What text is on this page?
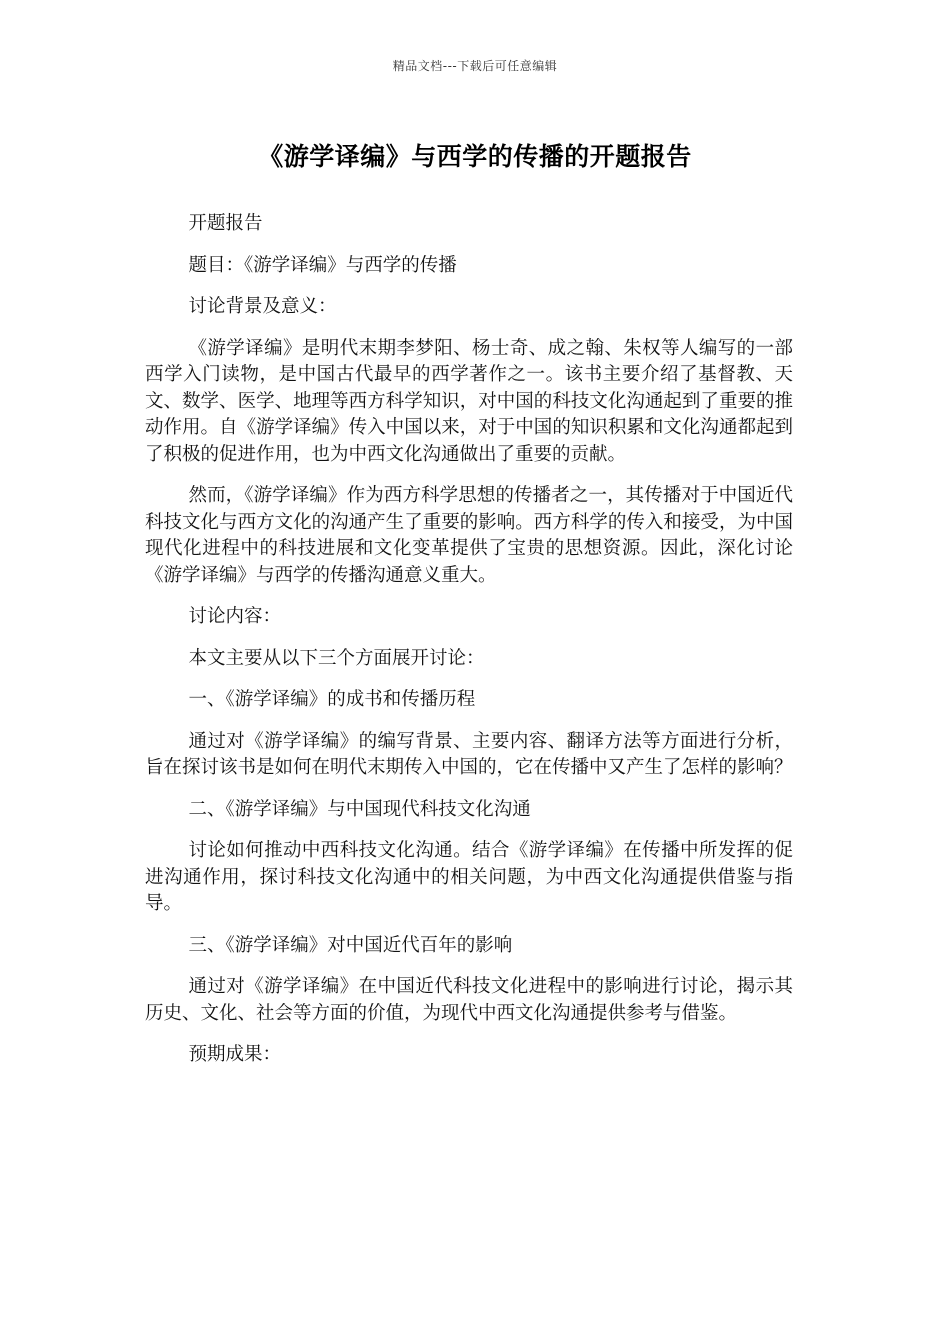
精品文档---下载后可任意编辑
《游学译编》与西学的传播的开题报告

开题报告

题目：《游学译编》与西学的传播

讨论背景及意义：

《游学译编》是明代末期李梦阳、杨士奇、成之翰、朱权等人编写的一部西学入门读物，是中国古代最早的西学著作之一。该书主要介绍了基督教、天文、数学、医学、地理等西方科学知识，对中国的科技文化沟通起到了重要的推动作用。自《游学译编》传入中国以来，对于中国的知识积累和文化沟通都起到了积极的促进作用，也为中西文化沟通做出了重要的贡献。

然而，《游学译编》作为西方科学思想的传播者之一，其传播对于中国近代科技文化与西方文化的沟通产生了重要的影响。西方科学的传入和接受，为中国现代化进程中的科技进展和文化变革提供了宝贵的思想资源。因此，深化讨论《游学译编》与西学的传播沟通意义重大。

讨论内容：

本文主要从以下三个方面展开讨论：

一、《游学译编》的成书和传播历程

通过对《游学译编》的编写背景、主要内容、翻译方法等方面进行分析，旨在探讨该书是如何在明代末期传入中国的，它在传播中又产生了怎样的影响？

二、《游学译编》与中国现代科技文化沟通

讨论如何推动中西科技文化沟通。结合《游学译编》在传播中所发挥的促进沟通作用，探讨科技文化沟通中的相关问题，为中西文化沟通提供借鉴与指导。

三、《游学译编》对中国近代百年的影响

通过对《游学译编》在中国近代科技文化进程中的影响进行讨论，揭示其历史、文化、社会等方面的价值，为现代中西文化沟通提供参考与借鉴。

预期成果：
